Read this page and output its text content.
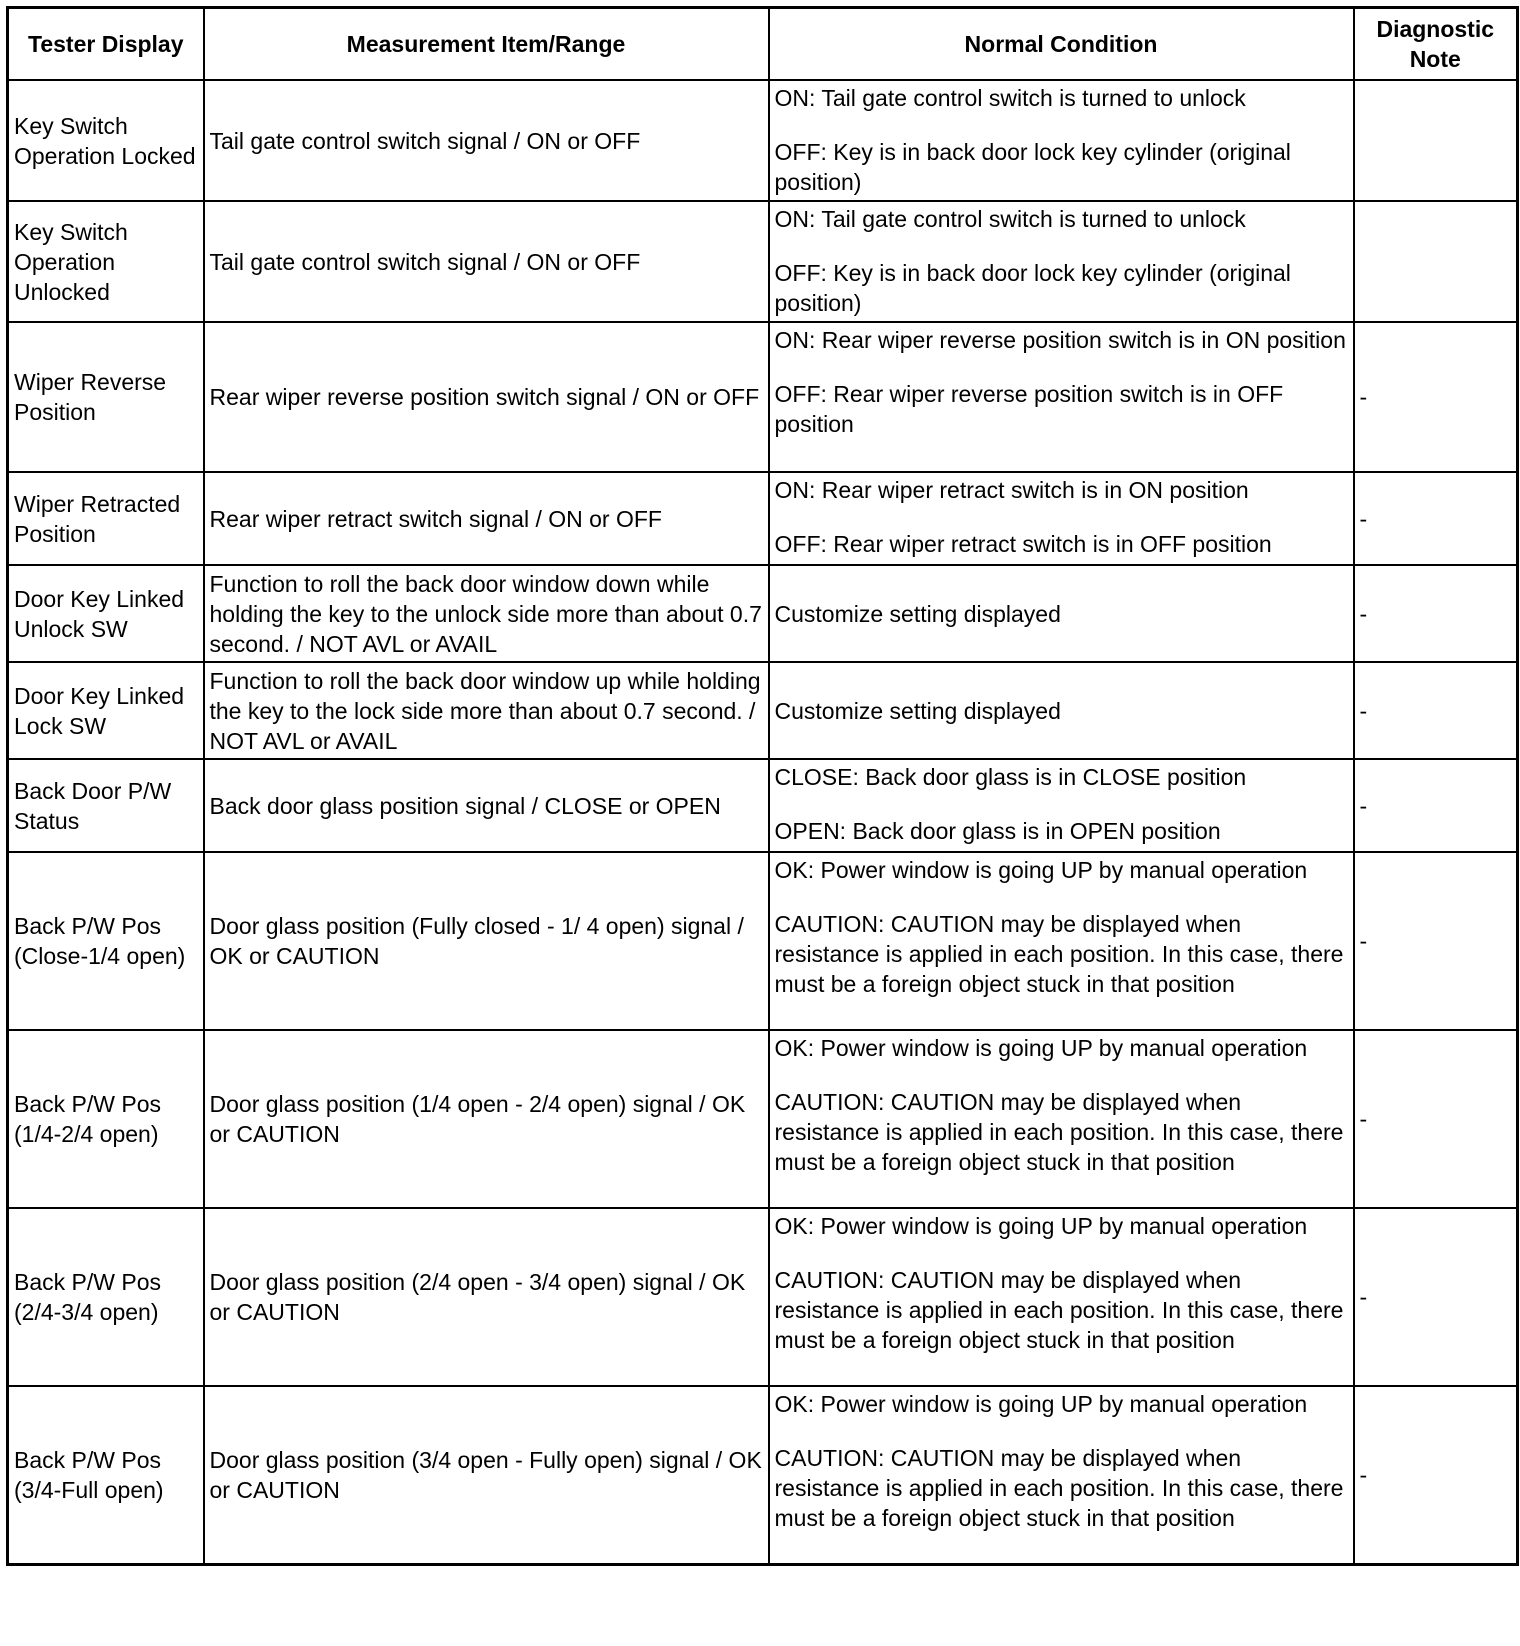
Tester Display	Measurement Item/Range	Normal Condition	Diagnostic Note
Key Switch Operation Locked	Tail gate control switch signal / ON or OFF	ON: Tail gate control switch is turned to unlock

OFF: Key is in back door lock key cylinder (original position)	

Key Switch Operation Unlocked	Tail gate control switch signal / ON or OFF	ON: Tail gate control switch is turned to unlock

OFF: Key is in back door lock key cylinder (original position)	

Wiper Reverse Position	Rear wiper reverse position switch signal / ON or OFF	ON: Rear wiper reverse position switch is in ON position

OFF: Rear wiper reverse position switch is in OFF position	-
Wiper Retracted Position	Rear wiper retract switch signal / ON or OFF	ON: Rear wiper retract switch is in ON position

OFF: Rear wiper retract switch is in OFF position	-
Door Key Linked Unlock SW	Function to roll the back door window down while holding the key to the unlock side more than about 0.7 second. / NOT AVL or AVAIL	Customize setting displayed	-
Door Key Linked Lock SW	Function to roll the back door window up while holding the key to the lock side more than about 0.7 second. / NOT AVL or AVAIL	Customize setting displayed	-
Back Door P/W Status	Back door glass position signal / CLOSE or OPEN	CLOSE: Back door glass is in CLOSE position

OPEN: Back door glass is in OPEN position	-
Back P/W Pos (Close-1/4 open)	Door glass position (Fully closed - 1/ 4 open) signal / OK or CAUTION	OK: Power window is going UP by manual operation

CAUTION: CAUTION may be displayed when resistance is applied in each position. In this case, there must be a foreign object stuck in that position	-
Back P/W Pos (1/4-2/4 open)	Door glass position (1/4 open - 2/4 open) signal / OK or CAUTION	OK: Power window is going UP by manual operation

CAUTION: CAUTION may be displayed when resistance is applied in each position. In this case, there must be a foreign object stuck in that position	-
Back P/W Pos (2/4-3/4 open)	Door glass position (2/4 open - 3/4 open) signal / OK or CAUTION	OK: Power window is going UP by manual operation

CAUTION: CAUTION may be displayed when resistance is applied in each position. In this case, there must be a foreign object stuck in that position	-
Back P/W Pos (3/4-Full open)	Door glass position (3/4 open - Fully open) signal / OK or CAUTION	OK: Power window is going UP by manual operation

CAUTION: CAUTION may be displayed when resistance is applied in each position. In this case, there must be a foreign object stuck in that position	-
